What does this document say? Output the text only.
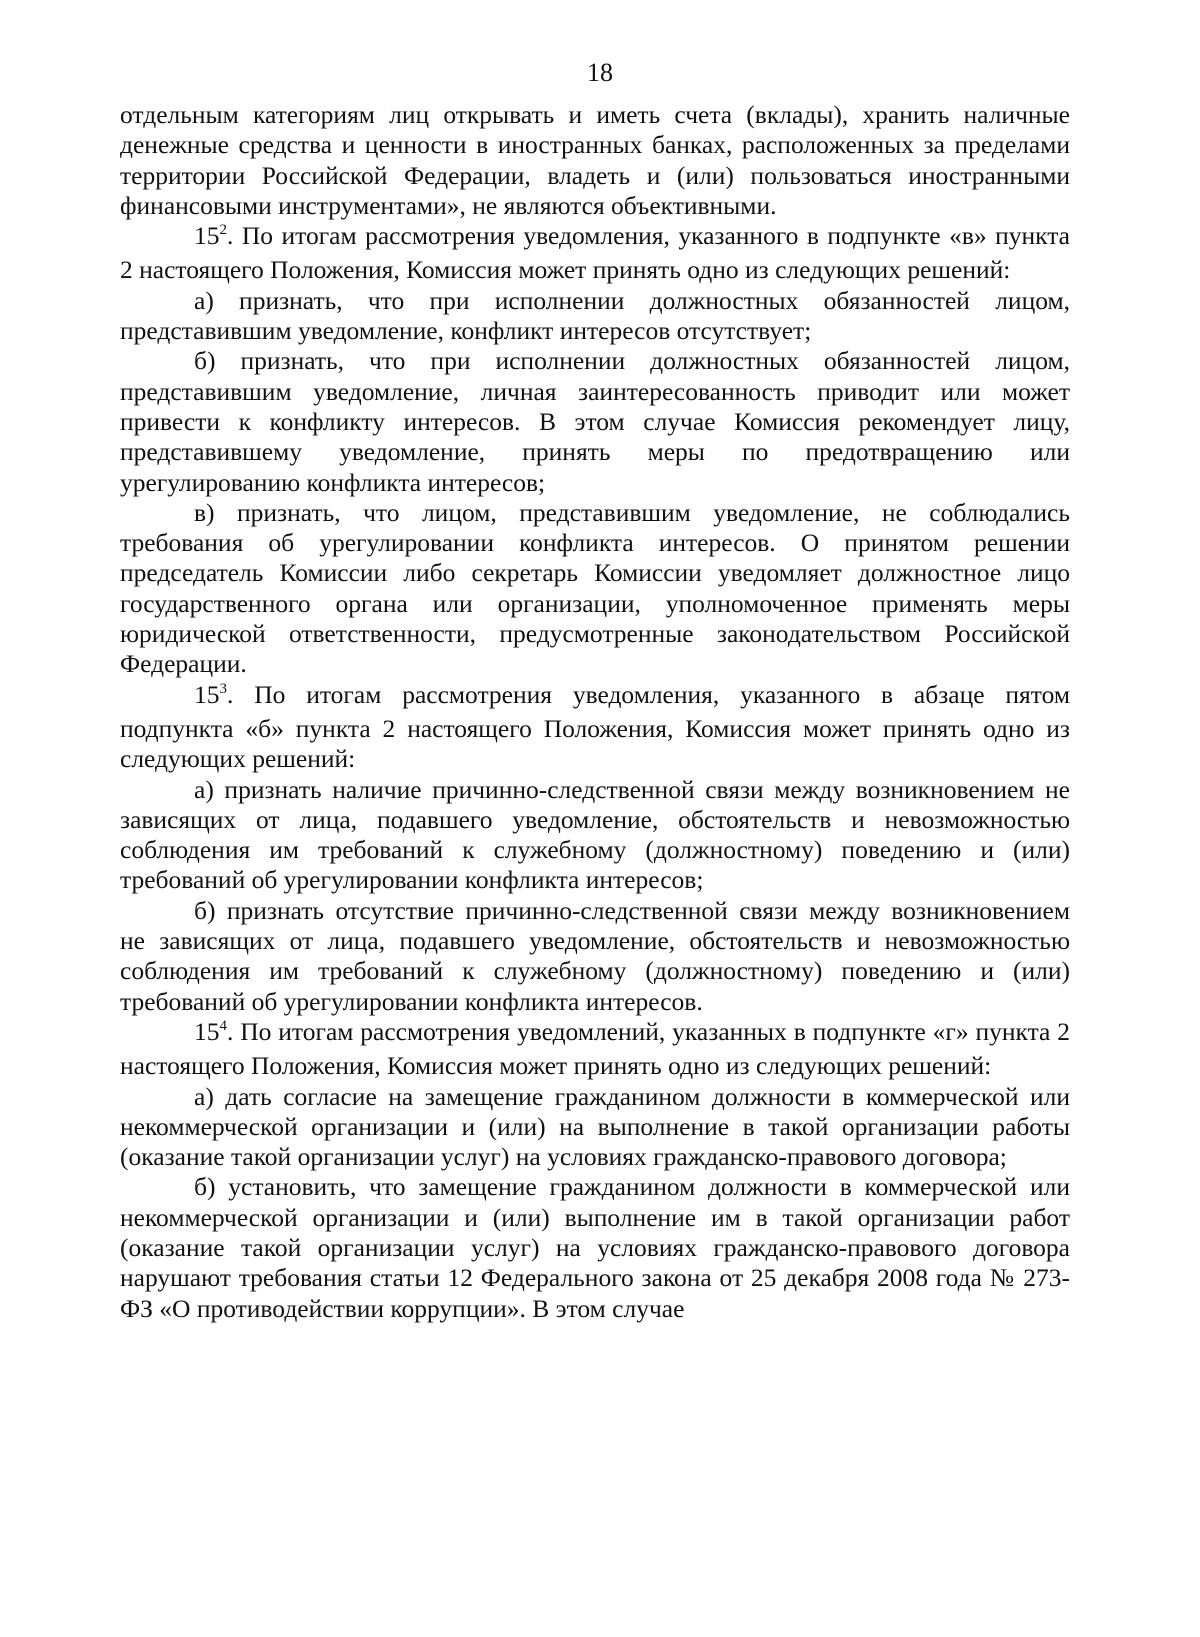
18

отдельным категориям лиц открывать и иметь счета (вклады), хранить наличные денежные средства и ценности в иностранных банках, расположенных за пределами территории Российской Федерации, владеть и (или) пользоваться иностранными финансовыми инструментами», не являются объективными.

$15^2$. По итогам рассмотрения уведомления, указанного в подпункте «в» пункта 2 настоящего Положения, Комиссия может принять одно из следующих решений:

а) признать, что при исполнении должностных обязанностей лицом, представившим уведомление, конфликт интересов отсутствует;

б) признать, что при исполнении должностных обязанностей лицом, представившим уведомление, личная заинтересованность приводит или может привести к конфликту интересов. В этом случае Комиссия рекомендует лицу, представившему уведомление, принять меры по предотвращению или урегулированию конфликта интересов;

в) признать, что лицом, представившим уведомление, не соблюдались требования об урегулировании конфликта интересов. О принятом решении председатель Комиссии либо секретарь Комиссии уведомляет должностное лицо государственного органа или организации, уполномоченное применять меры юридической ответственности, предусмотренные законодательством Российской Федерации.

$15^3$. По итогам рассмотрения уведомления, указанного в абзаце пятом подпункта «б» пункта 2 настоящего Положения, Комиссия может принять одно из следующих решений:

а) признать наличие причинно-следственной связи между возникновением не зависящих от лица, подавшего уведомление, обстоятельств и невозможностью соблюдения им требований к служебному (должностному) поведению и (или) требований об урегулировании конфликта интересов;

б) признать отсутствие причинно-следственной связи между возникновением не зависящих от лица, подавшего уведомление, обстоятельств и невозможностью соблюдения им требований к служебному (должностному) поведению и (или) требований об урегулировании конфликта интересов.

$15^4$. По итогам рассмотрения уведомлений, указанных в подпункте «г» пункта 2 настоящего Положения, Комиссия может принять одно из следующих решений:

а) дать согласие на замещение гражданином должности в коммерческой или некоммерческой организации и (или) на выполнение в такой организации работы (оказание такой организации услуг) на условиях гражданско-правового договора;

б) установить, что замещение гражданином должности в коммерческой или некоммерческой организации и (или) выполнение им в такой организации работ (оказание такой организации услуг) на условиях гражданско-правового договора нарушают требования статьи 12 Федерального закона от 25 декабря 2008 года № 273-ФЗ «О противодействии коррупции». В этом случае
